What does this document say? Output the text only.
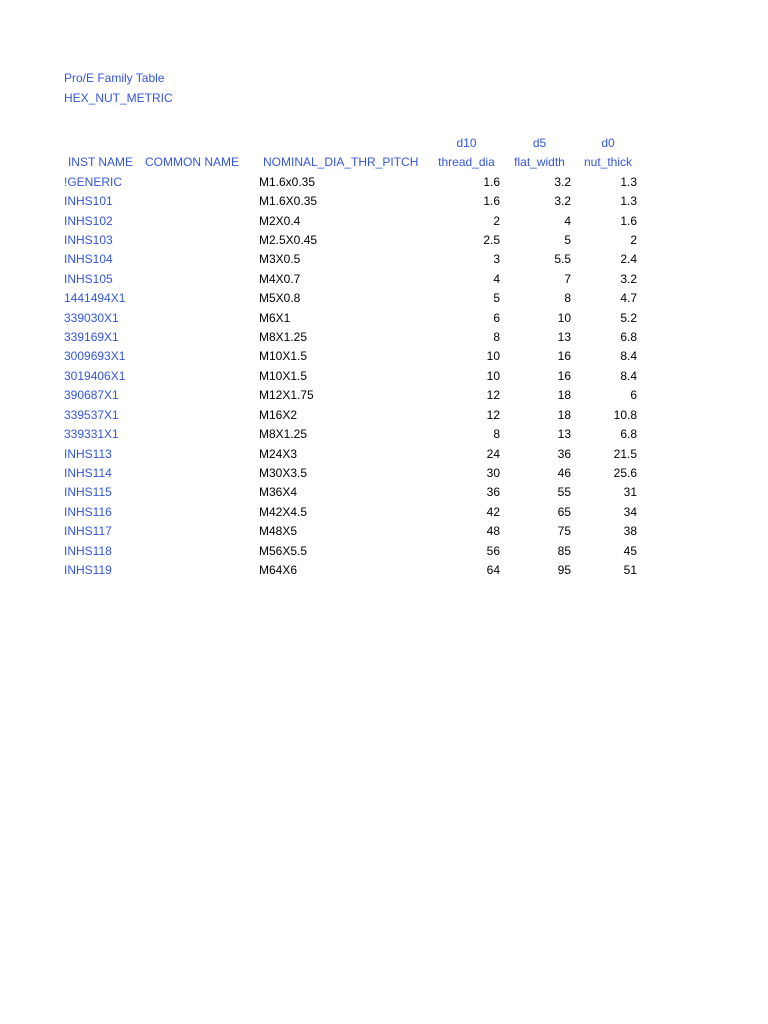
Pro/E Family Table
HEX_NUT_METRIC
			d10	d5	d0
INST NAME	COMMON NAME	NOMINAL_DIA_THR_PITCH	thread_dia	flat_width	nut_thick
!GENERIC		M1.6x0.35	1.6	3.2	1.3
INHS101		M1.6X0.35	1.6	3.2	1.3
INHS102		M2X0.4	2	4	1.6
INHS103		M2.5X0.45	2.5	5	2
INHS104		M3X0.5	3	5.5	2.4
INHS105		M4X0.7	4	7	3.2
1441494X1		M5X0.8	5	8	4.7
339030X1		M6X1	6	10	5.2
339169X1		M8X1.25	8	13	6.8
3009693X1		M10X1.5	10	16	8.4
3019406X1		M10X1.5	10	16	8.4
390687X1		M12X1.75	12	18	6
339537X1		M16X2	12	18	10.8
339331X1		M8X1.25	8	13	6.8
INHS113		M24X3	24	36	21.5
INHS114		M30X3.5	30	46	25.6
INHS115		M36X4	36	55	31
INHS116		M42X4.5	42	65	34
INHS117		M48X5	48	75	38
INHS118		M56X5.5	56	85	45
INHS119		M64X6	64	95	51
